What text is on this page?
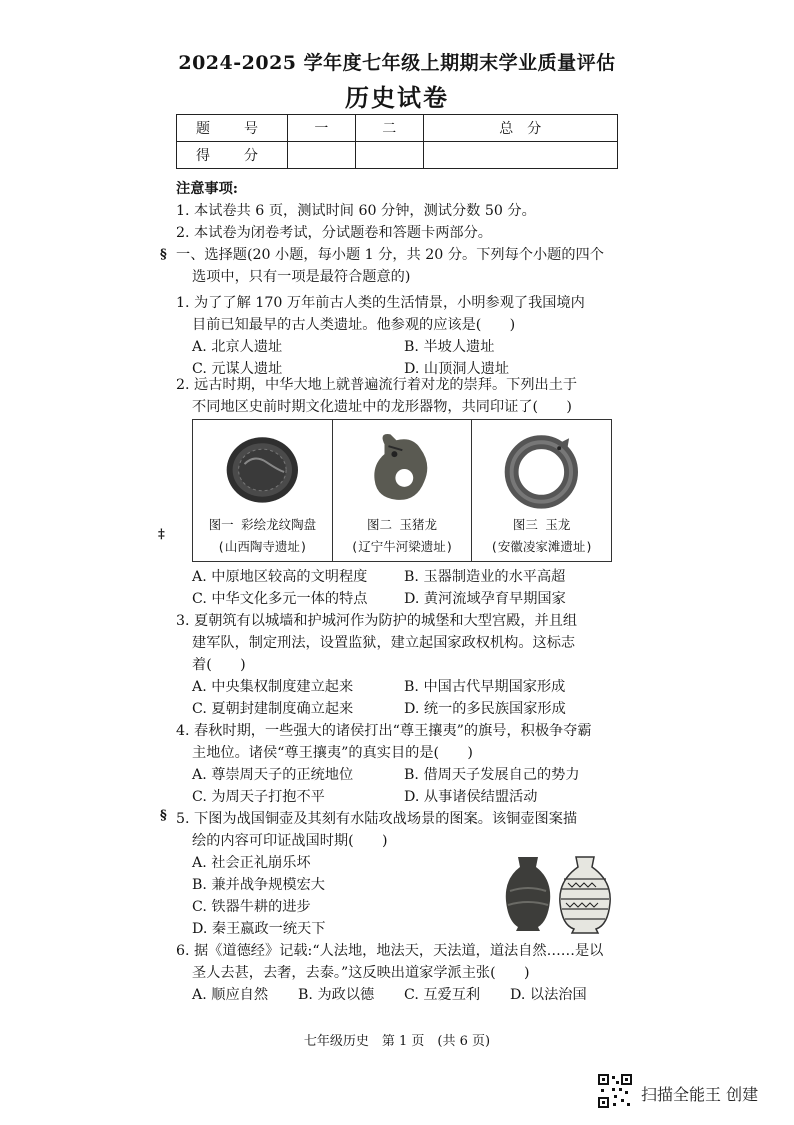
2024-2025 学年度七年级上期期末学业质量评估
历史试卷
题　号	一	二	总　分
得　分			
注意事项:
1. 本试卷共 6 页，测试时间 60 分钟，测试分数 50 分。
2. 本试卷为闭卷考试，分试题卷和答题卡两部分。
§ 一、选择题(20 小题，每小题 1 分，共 20 分。下列每个小题的四个
选项中，只有一项是最符合题意的)
1. 为了了解 170 万年前古人类的生活情景，小明参观了我国境内
目前已知最早的古人类遗址。他参观的应该是(　　)
A. 北京人遗址	B. 半坡人遗址
C. 元谋人遗址	D. 山顶洞人遗址
2. 远古时期，中华大地上就普遍流行着对龙的崇拜。下列出土于
不同地区史前时期文化遗址中的龙形器物，共同印证了(　　)
图一 彩绘龙纹陶盘
(山西陶寺遗址)

图二 玉猪龙
(辽宁牛河梁遗址)

图三 玉龙
(安徽凌家滩遗址)
‡
A. 中原地区较高的文明程度	B. 玉器制造业的水平高超
C. 中华文化多元一体的特点	D. 黄河流域孕育早期国家
3. 夏朝筑有以城墙和护城河作为防护的城堡和大型宫殿，并且组
建军队，制定刑法，设置监狱，建立起国家政权机构。这标志
着(　　)
A. 中央集权制度建立起来	B. 中国古代早期国家形成
C. 夏朝封建制度确立起来	D. 统一的多民族国家形成
4. 春秋时期，一些强大的诸侯打出“尊王攘夷”的旗号，积极争夺霸
主地位。诸侯“尊王攘夷”的真实目的是(　　)
A. 尊崇周天子的正统地位	B. 借周天子发展自己的势力
C. 为周天子打抱不平	D. 从事诸侯结盟活动
§ 5. 下图为战国铜壶及其刻有水陆攻战场景的图案。该铜壶图案描
绘的内容可印证战国时期(　　)
A. 社会正礼崩乐坏
B. 兼并战争规模宏大
C. 铁器牛耕的进步
D. 秦王嬴政一统天下
6. 据《道德经》记载:“人法地，地法天，天法道，道法自然……是以
圣人去甚，去奢，去泰。”这反映出道家学派主张(　　)
A. 顺应自然 B. 为政以德 C. 互爱互利 D. 以法治国
七年级历史　第 1 页　(共 6 页)
扫描全能王 创建
